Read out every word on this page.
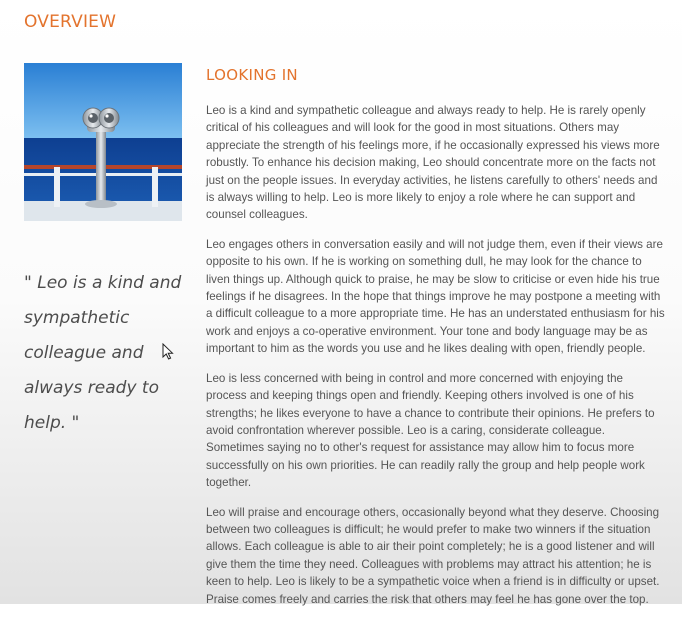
OVERVIEW

" Leo is a kind and sympathetic colleague and always ready to help. "

LOOKING IN

Leo is a kind and sympathetic colleague and always ready to help. He is rarely openly critical of his colleagues and will look for the good in most situations. Others may appreciate the strength of his feelings more, if he occasionally expressed his views more robustly. To enhance his decision making, Leo should concentrate more on the facts not just on the people issues. In everyday activities, he listens carefully to others' needs and is always willing to help. Leo is more likely to enjoy a role where he can support and counsel colleagues.

Leo engages others in conversation easily and will not judge them, even if their views are opposite to his own. If he is working on something dull, he may look for the chance to liven things up. Although quick to praise, he may be slow to criticise or even hide his true feelings if he disagrees. In the hope that things improve he may postpone a meeting with a difficult colleague to a more appropriate time. He has an understated enthusiasm for his work and enjoys a co-operative environment. Your tone and body language may be as important to him as the words you use and he likes dealing with open, friendly people.

Leo is less concerned with being in control and more concerned with enjoying the process and keeping things open and friendly. Keeping others involved is one of his strengths; he likes everyone to have a chance to contribute their opinions. He prefers to avoid confrontation wherever possible. Leo is a caring, considerate colleague. Sometimes saying no to other's request for assistance may allow him to focus more successfully on his own priorities. He can readily rally the group and help people work together.

Leo will praise and encourage others, occasionally beyond what they deserve. Choosing between two colleagues is difficult; he would prefer to make two winners if the situation allows. Each colleague is able to air their point completely; he is a good listener and will give them the time they need. Colleagues with problems may attract his attention; he is keen to help. Leo is likely to be a sympathetic voice when a friend is in difficulty or upset. Praise comes freely and carries the risk that others may feel he has gone over the top.
